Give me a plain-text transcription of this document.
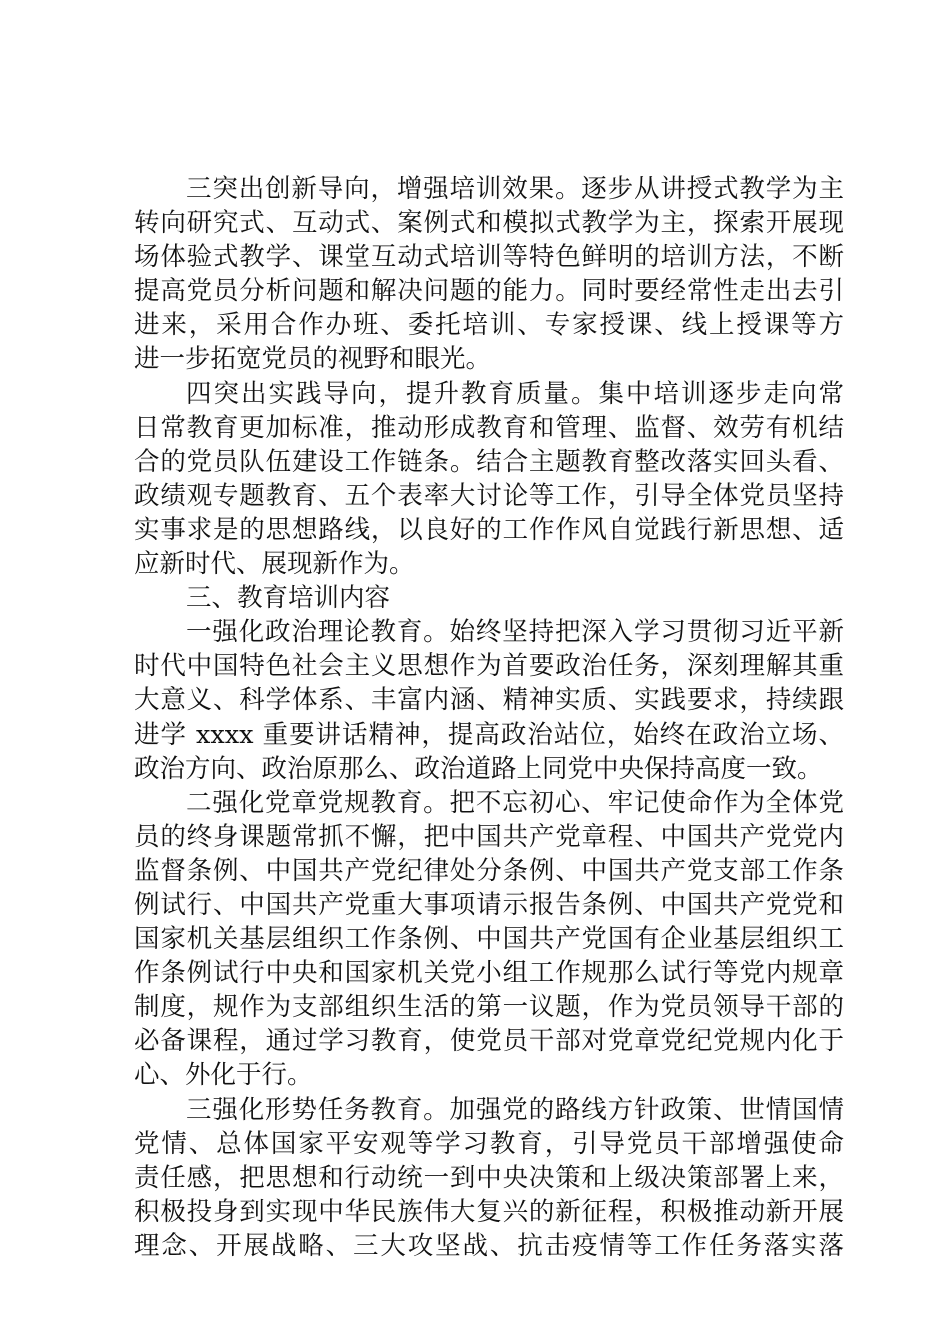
三突出创新导向，增强培训效果。逐步从讲授式教学为主
转向研究式、互动式、案例式和模拟式教学为主，探索开展现
场体验式教学、课堂互动式培训等特色鲜明的培训方法，不断
提高党员分析问题和解决问题的能力。同时要经常性走出去引
进来，采用合作办班、委托培训、专家授课、线上授课等方
进一步拓宽党员的视野和眼光。
四突出实践导向，提升教育质量。集中培训逐步走向常
日常教育更加标准，推动形成教育和管理、监督、效劳有机结
合的党员队伍建设工作链条。结合主题教育整改落实回头看、
政绩观专题教育、五个表率大讨论等工作，引导全体党员坚持
实事求是的思想路线，以良好的工作作风自觉践行新思想、适
应新时代、展现新作为。
三、教育培训内容
一强化政治理论教育。始终坚持把深入学习贯彻习近平新
时代中国特色社会主义思想作为首要政治任务，深刻理解其重
大意义、科学体系、丰富内涵、精神实质、实践要求，持续跟
进学 xxxx 重要讲话精神，提高政治站位，始终在政治立场、
政治方向、政治原那么、政治道路上同党中央保持高度一致。
二强化党章党规教育。把不忘初心、牢记使命作为全体党
员的终身课题常抓不懈，把中国共产党章程、中国共产党党内
监督条例、中国共产党纪律处分条例、中国共产党支部工作条
例试行、中国共产党重大事项请示报告条例、中国共产党党和
国家机关基层组织工作条例、中国共产党国有企业基层组织工
作条例试行中央和国家机关党小组工作规那么试行等党内规章
制度，规作为支部组织生活的第一议题，作为党员领导干部的
必备课程，通过学习教育，使党员干部对党章党纪党规内化于
心、外化于行。
三强化形势任务教育。加强党的路线方针政策、世情国情
党情、总体国家平安观等学习教育，引导党员干部增强使命
责任感，把思想和行动统一到中央决策和上级决策部署上来，
积极投身到实现中华民族伟大复兴的新征程，积极推动新开展
理念、开展战略、三大攻坚战、抗击疫情等工作任务落实落
